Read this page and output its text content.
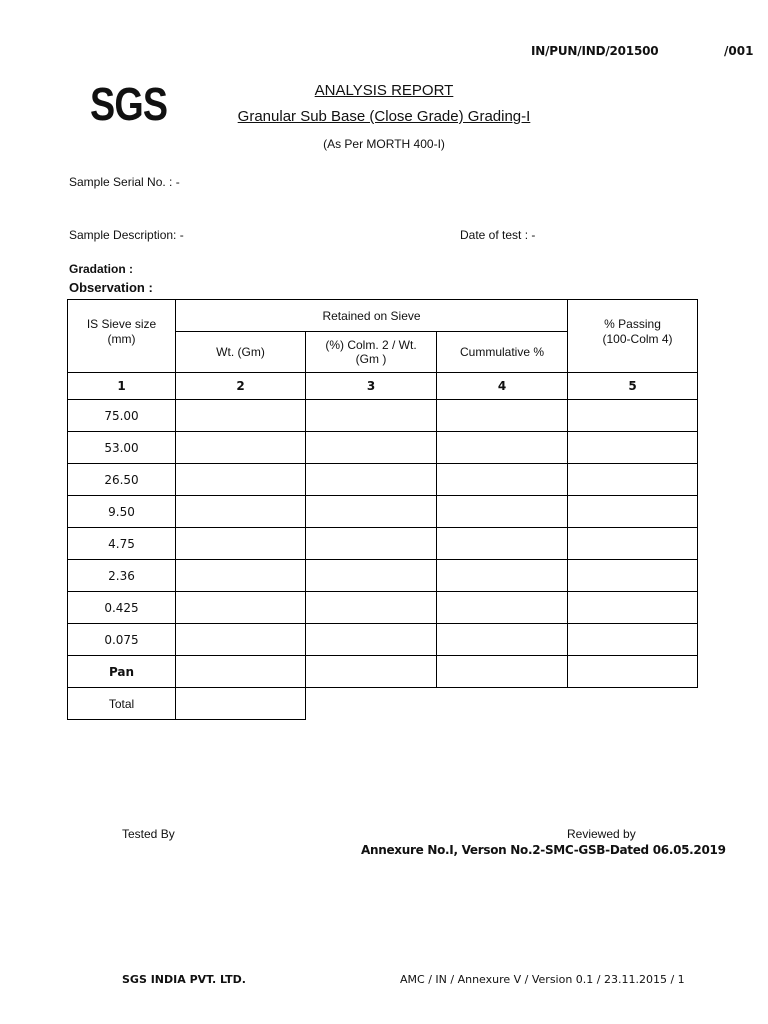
IN/PUN/IND/201500	/001
SGS	ANALYSIS REPORT
Granular Sub Base (Close Grade) Grading-I
(As Per MORTH 400-I)
Sample Serial No. : -
Sample Description: -	Date of test : -
Gradation :
Observation :
IS Sieve size (mm)	Retained on Sieve			% Passing
(100-Colm 4)

	Wt. (Gm)	(%) Colm. 2 / Wt. (Gm )	Cummulative %	
1	2	3	4	5
75.00				
53.00				
26.50				
9.50				
4.75				
2.36				
0.425				
0.075				
Pan				
Total				
Tested By	Reviewed by
Annexure No.I, Verson No.2-SMC-GSB-Dated 06.05.2019
SGS INDIA PVT. LTD.	AMC / IN / Annexure V / Version 0.1 / 23.11.2015 / 1
